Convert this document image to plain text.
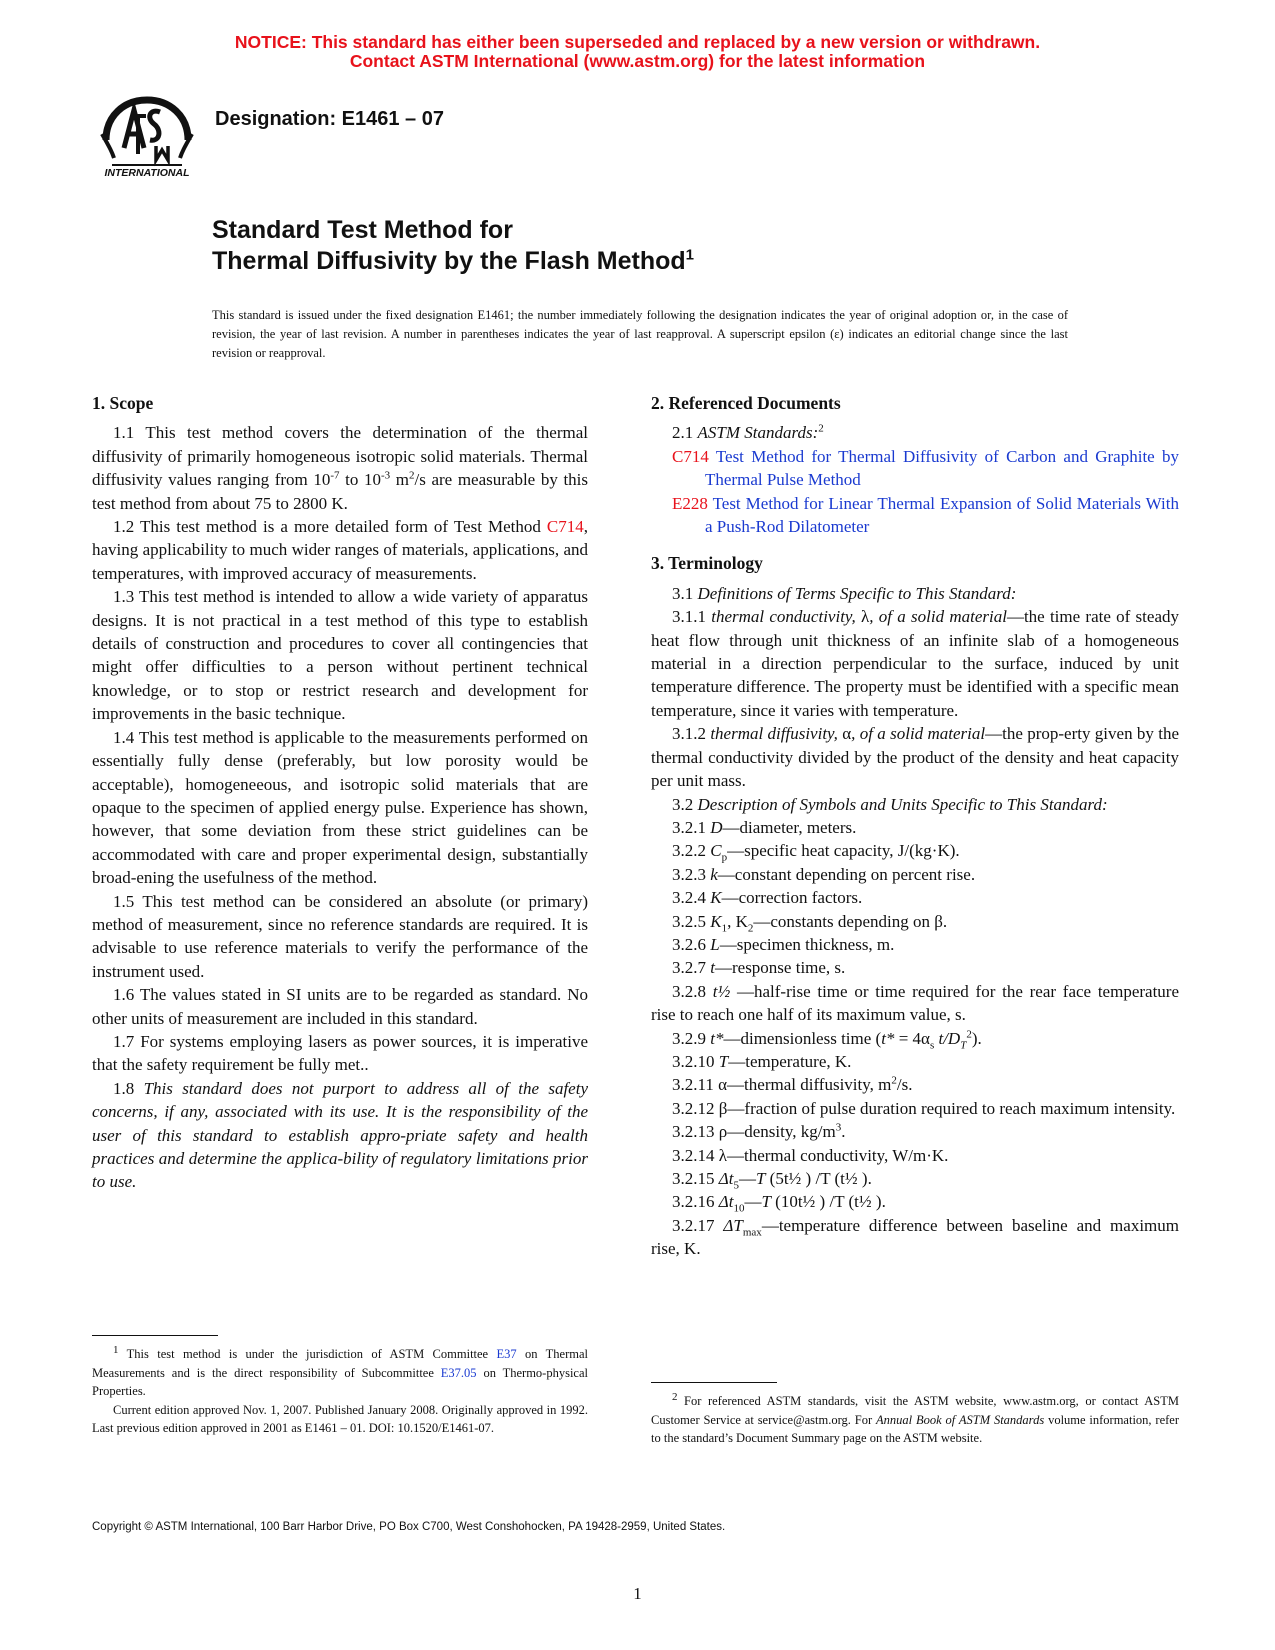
NOTICE: This standard has either been superseded and replaced by a new version or withdrawn.
Contact ASTM International (www.astm.org) for the latest information
INTERNATIONAL
Designation: E1461 – 07
Standard Test Method for
Thermal Diffusivity by the Flash Method$^1$
This standard is issued under the fixed designation E1461; the number immediately following the designation indicates the year of original adoption or, in the case of revision, the year of last revision. A number in parentheses indicates the year of last reapproval. A superscript epsilon (ε) indicates an editorial change since the last revision or reapproval.
1. Scope

1.1 This test method covers the determination of the thermal diffusivity of primarily homogeneous isotropic solid materials. Thermal diffusivity values ranging from $10^{-7}$ to $10^{-3}$ $m^2/s$ are measurable by this test method from about 75 to 2800 K.

1.2 This test method is a more detailed form of Test Method C714, having applicability to much wider ranges of materials, applications, and temperatures, with improved accuracy of measurements.

1.3 This test method is intended to allow a wide variety of apparatus designs. It is not practical in a test method of this type to establish details of construction and procedures to cover all contingencies that might offer difficulties to a person without pertinent technical knowledge, or to stop or restrict research and development for improvements in the basic technique.

1.4 This test method is applicable to the measurements performed on essentially fully dense (preferably, but low porosity would be acceptable), homogeneeous, and isotropic solid materials that are opaque to the specimen of applied energy pulse. Experience has shown, however, that some deviation from these strict guidelines can be accommodated with care and proper experimental design, substantially broad-ening the usefulness of the method.

1.5 This test method can be considered an absolute (or primary) method of measurement, since no reference standards are required. It is advisable to use reference materials to verify the performance of the instrument used.

1.6 The values stated in SI units are to be regarded as standard. No other units of measurement are included in this standard.

1.7 For systems employing lasers as power sources, it is imperative that the safety requirement be fully met..

1.8 This standard does not purport to address all of the safety concerns, if any, associated with its use. It is the responsibility of the user of this standard to establish appro-priate safety and health practices and determine the applica-bility of regulatory limitations prior to use.

2. Referenced Documents

2.1 ASTM Standards:$^2$

C714 Test Method for Thermal Diffusivity of Carbon and Graphite by Thermal Pulse Method

E228 Test Method for Linear Thermal Expansion of Solid Materials With a Push-Rod Dilatometer

3. Terminology

3.1 Definitions of Terms Specific to This Standard:

3.1.1 thermal conductivity, λ, of a solid material—the time rate of steady heat flow through unit thickness of an infinite slab of a homogeneous material in a direction perpendicular to the surface, induced by unit temperature difference. The property must be identified with a specific mean temperature, since it varies with temperature.

3.1.2 thermal diffusivity, α, of a solid material—the prop-erty given by the thermal conductivity divided by the product of the density and heat capacity per unit mass.

3.2 Description of Symbols and Units Specific to This Standard:

3.2.1 D—diameter, meters.

3.2.2 $C_p—specific$ heat capacity, J/(kg·K).

3.2.3 k—constant depending on percent rise.

3.2.4 K—correction factors.

3.2.5 $K_1$, $K_2—constants$ depending on β.

3.2.6 L—specimen thickness, m.

3.2.7 t—response time, s.

3.2.8 t½ —half-rise time or time required for the rear face temperature rise to reach one half of its maximum value, s.

3.2.9 t*—dimensionless time ($t* = 4\alpha_s$ $t/D_T^2$).

3.2.10 T—temperature, K.

3.2.11 α—thermal diffusivity, $m^2/s$.

3.2.12 β—fraction of pulse duration required to reach maximum intensity.

3.2.13 ρ—density, $kg/m^3$.

3.2.14 λ—thermal conductivity, W/m·K.

3.2.15 $\Delta t_5—T$ (5t½ ) /T (t½ ).

3.2.16 $\Delta t_{10}—T$ (10t½ ) /T (t½ ).

3.2.17 $\Delta T_{max}—temperature$ difference between baseline and maximum rise, K.

$^1$ This test method is under the jurisdiction of ASTM Committee E37 on Thermal Measurements and is the direct responsibility of Subcommittee E37.05 on Thermo-physical Properties.

Current edition approved Nov. 1, 2007. Published January 2008. Originally approved in 1992. Last previous edition approved in 2001 as E1461 – 01. DOI: 10.1520/E1461-07.

$^2$ For referenced ASTM standards, visit the ASTM website, www.astm.org, or contact ASTM Customer Service at service@astm.org. For Annual Book of ASTM Standards volume information, refer to the standard’s Document Summary page on the ASTM website.

Copyright © ASTM International, 100 Barr Harbor Drive, PO Box C700, West Conshohocken, PA 19428-2959, United States.
1
